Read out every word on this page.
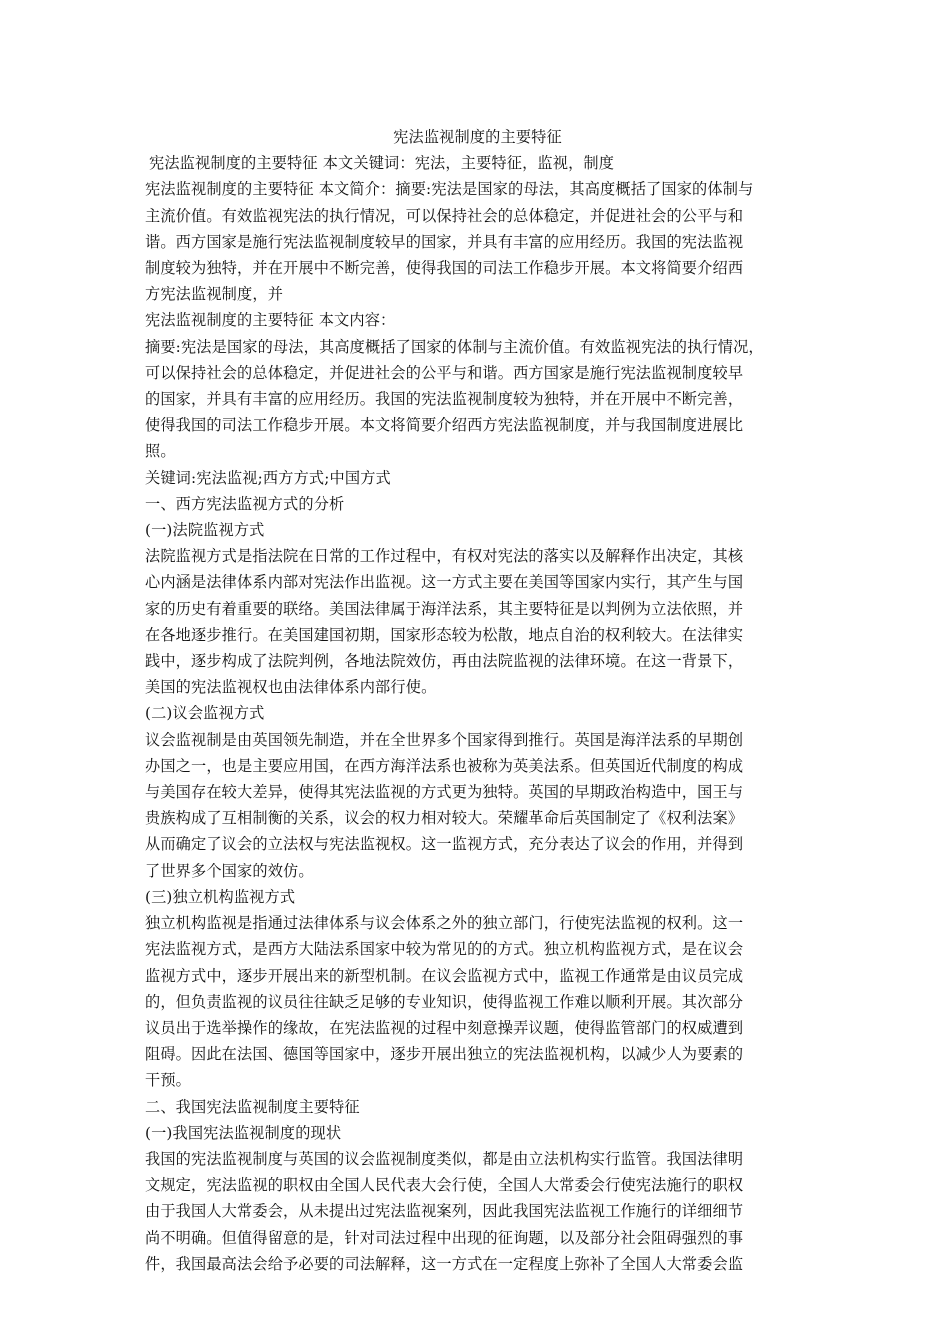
宪法监视制度的主要特征

宪法监视制度的主要特征 本文关键词：宪法，主要特征，监视，制度

宪法监视制度的主要特征 本文简介：摘要:宪法是国家的母法，其高度概括了国家的体制与

主流价值。有效监视宪法的执行情况，可以保持社会的总体稳定，并促进社会的公平与和

谐。西方国家是施行宪法监视制度较早的国家，并具有丰富的应用经历。我国的宪法监视

制度较为独特，并在开展中不断完善，使得我国的司法工作稳步开展。本文将简要介绍西

方宪法监视制度，并

宪法监视制度的主要特征 本文内容：

摘要:宪法是国家的母法，其高度概括了国家的体制与主流价值。有效监视宪法的执行情况，

可以保持社会的总体稳定，并促进社会的公平与和谐。西方国家是施行宪法监视制度较早

的国家，并具有丰富的应用经历。我国的宪法监视制度较为独特，并在开展中不断完善，

使得我国的司法工作稳步开展。本文将简要介绍西方宪法监视制度，并与我国制度进展比

照。

关键词:宪法监视;西方方式;中国方式

一、西方宪法监视方式的分析

(一)法院监视方式

法院监视方式是指法院在日常的工作过程中，有权对宪法的落实以及解释作出决定，其核

心内涵是法律体系内部对宪法作出监视。这一方式主要在美国等国家内实行，其产生与国

家的历史有着重要的联络。美国法律属于海洋法系，其主要特征是以判例为立法依照，并

在各地逐步推行。在美国建国初期，国家形态较为松散，地点自治的权利较大。在法律实

践中，逐步构成了法院判例，各地法院效仿，再由法院监视的法律环境。在这一背景下，

美国的宪法监视权也由法律体系内部行使。

(二)议会监视方式

议会监视制是由英国领先制造，并在全世界多个国家得到推行。英国是海洋法系的早期创

办国之一，也是主要应用国，在西方海洋法系也被称为英美法系。但英国近代制度的构成

与美国存在较大差异，使得其宪法监视的方式更为独特。英国的早期政治构造中，国王与

贵族构成了互相制衡的关系，议会的权力相对较大。荣耀革命后英国制定了《权利法案》

从而确定了议会的立法权与宪法监视权。这一监视方式，充分表达了议会的作用，并得到

了世界多个国家的效仿。

(三)独立机构监视方式

独立机构监视是指通过法律体系与议会体系之外的独立部门，行使宪法监视的权利。这一

宪法监视方式，是西方大陆法系国家中较为常见的的方式。独立机构监视方式，是在议会

监视方式中，逐步开展出来的新型机制。在议会监视方式中，监视工作通常是由议员完成

的，但负责监视的议员往往缺乏足够的专业知识，使得监视工作难以顺利开展。其次部分

议员出于选举操作的缘故，在宪法监视的过程中刻意操弄议题，使得监管部门的权威遭到

阻碍。因此在法国、德国等国家中，逐步开展出独立的宪法监视机构，以减少人为要素的

干预。

二、我国宪法监视制度主要特征

(一)我国宪法监视制度的现状

我国的宪法监视制度与英国的议会监视制度类似，都是由立法机构实行监管。我国法律明

文规定，宪法监视的职权由全国人民代表大会行使，全国人大常委会行使宪法施行的职权

由于我国人大常委会，从未提出过宪法监视案列，因此我国宪法监视工作施行的详细细节

尚不明确。但值得留意的是，针对司法过程中出现的征询题，以及部分社会阻碍强烈的事

件，我国最高法会给予必要的司法解释，这一方式在一定程度上弥补了全国人大常委会监
